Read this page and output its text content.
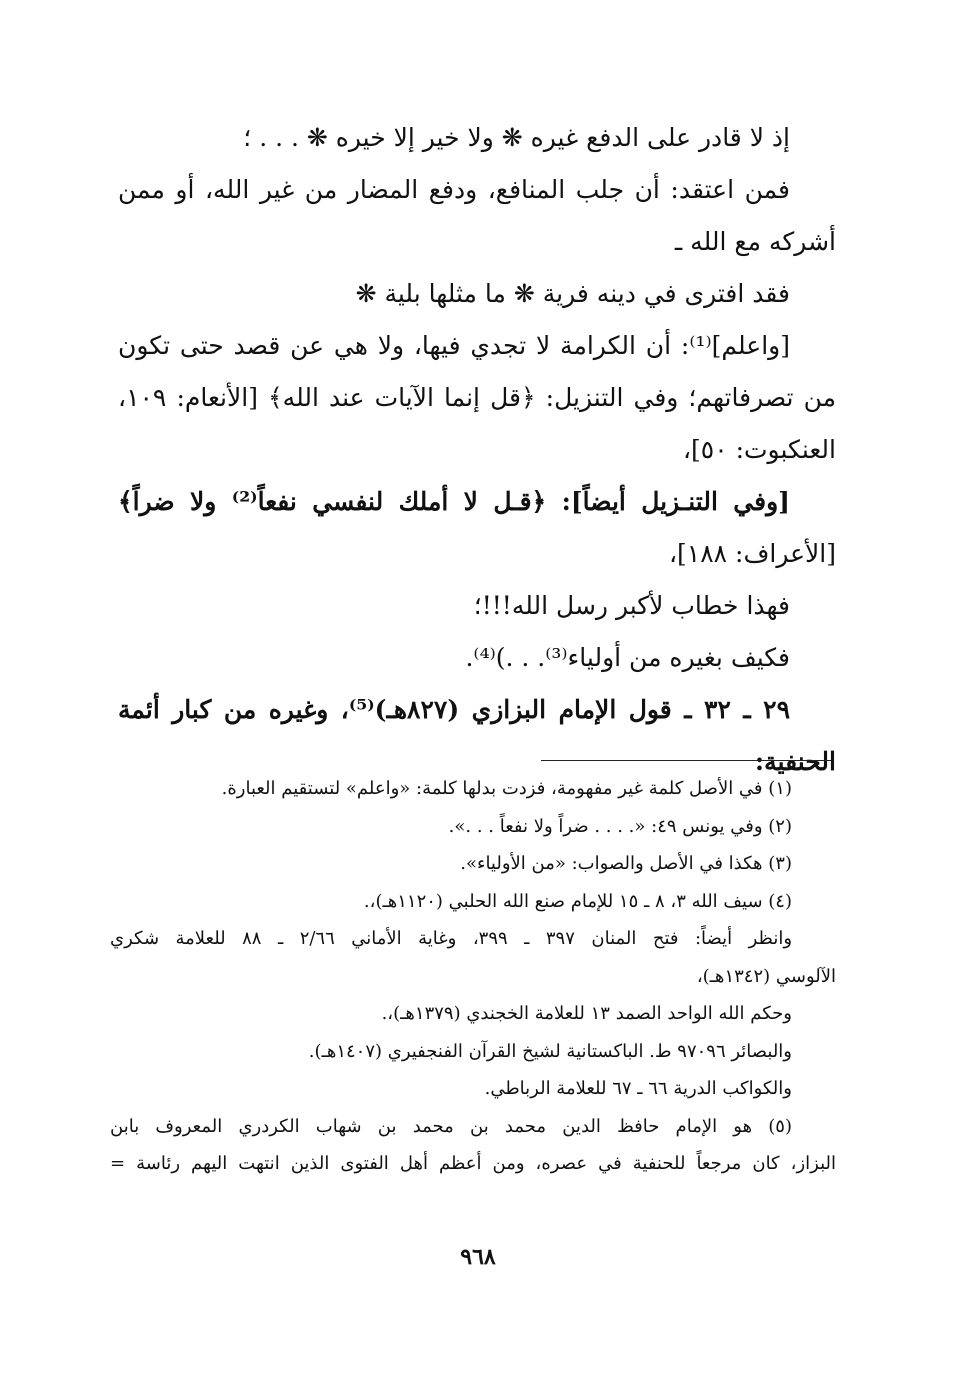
إذ لا قادر على الدفع غيره ❋ ولا خير إلا خيره ❋ . . . ؛
فمن اعتقد: أن جلب المنافع، ودفع المضار من غير الله، أو ممن
أشركه مع الله ـ
فقد افترى في دينه فرية ❋ ما مثلها بلية ❋
[واعلم]⁽¹⁾: أن الكرامة لا تجدي فيها، ولا هي عن قصد حتى تكون
من تصرفاتهم؛ وفي التنزيل: ﴿قل إنما الآيات عند الله﴾ [الأنعام: ١٠٩،
العنكبوت: ٥٠]،
[وفي التنـزيل أيضاً]: ﴿قـل لا أملك لنفسي نفعاً⁽²⁾ ولا ضراً﴾
[الأعراف: ١٨٨]،
فهذا خطاب لأكبر رسل الله!!!؛
فكيف بغيره من أولياء⁽³⁾. . .)⁽⁴⁾.
٢٩ ـ ٣٢ ـ قول الإمام البزازي (٨٢٧هـ)⁽⁵⁾، وغيره من كبار أئمة
الحنفية:
(١) في الأصل كلمة غير مفهومة، فزدت بدلها كلمة: «واعلم» لتستقيم العبارة.
(٢) وفي يونس ٤٩: «. . . . ضراً ولا نفعاً . . .».
(٣) هكذا في الأصل والصواب: «من الأولياء».
(٤) سيف الله ٣، ٨ ـ ١٥ للإمام صنع الله الحلبي (١١٢٠هـ)،.
وانظر أيضاً: فتح المنان ٣٩٧ ـ ٣٩٩، وغاية الأماني ٢/٦٦ ـ ٨٨ للعلامة شكري
الآلوسي (١٣٤٢هـ)،
وحكم الله الواحد الصمد ١٣ للعلامة الخجندي (١٣٧٩هـ)،.
والبصائر ٩٧٠٩٦ ط. الباكستانية لشيخ القرآن الفنجفيري (١٤٠٧هـ).
والكواكب الدرية ٦٦ ـ ٦٧ للعلامة الرباطي.
(٥) هو الإمام حافظ الدين محمد بن محمد بن شهاب الكردري المعروف بابن
البزاز، كان مرجعاً للحنفية في عصره، ومن أعظم أهل الفتوى الذين انتهت اليهم رئاسة =
٩٦٨
